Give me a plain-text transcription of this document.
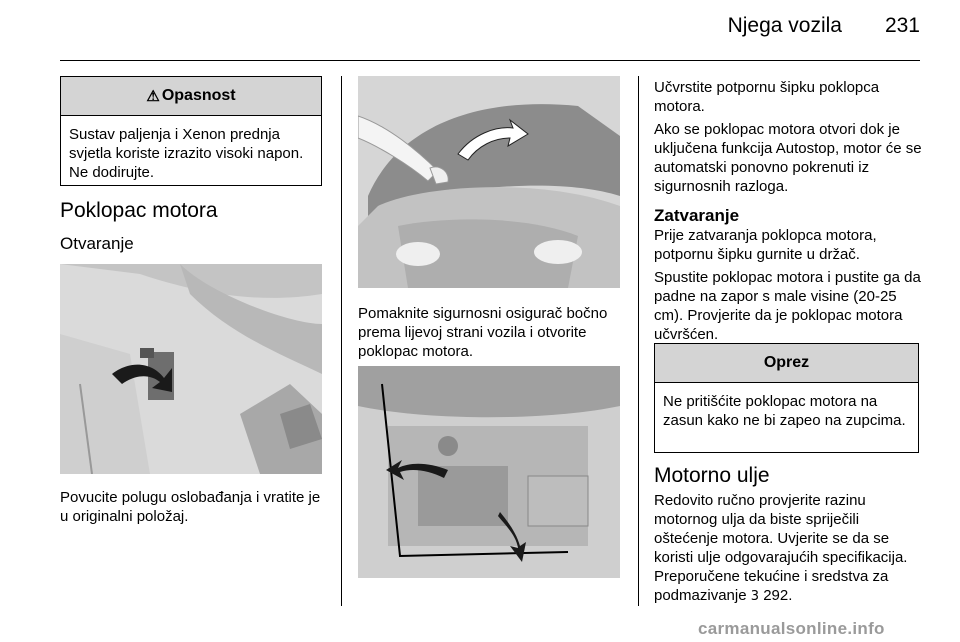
Njega vozila 231
⚠ Opasnost
Sustav paljenja i Xenon prednja svjetla koriste izrazito visoki napon. Ne dodirujte.
Poklopac motora
Otvaranje
Povucite polugu oslobađanja i vratite je u originalni položaj.
Pomaknite sigurnosni osigurač bočno prema lijevoj strani vozila i otvorite poklopac motora.
Učvrstite potpornu šipku poklopca motora.
Ako se poklopac motora otvori dok je uključena funkcija Autostop, motor će se automatski ponovno pokrenuti iz sigurnosnih razloga.
Zatvaranje
Prije zatvaranja poklopca motora, potpornu šipku gurnite u držač.
Spustite poklopac motora i pustite ga da padne na zapor s male visine (20-25 cm). Provjerite da je poklopac motora učvršćen.
Oprez
Ne pritišćite poklopac motora na zasun kako ne bi zapeo na zupcima.
Motorno ulje
Redovito ručno provjerite razinu motornog ulja da biste spriječili oštećenje motora. Uvjerite se da se koristi ulje odgovarajućih specifikacija. Preporučene tekućine i sredstva za podmazivanje 3 292.
carmanualsonline.info
